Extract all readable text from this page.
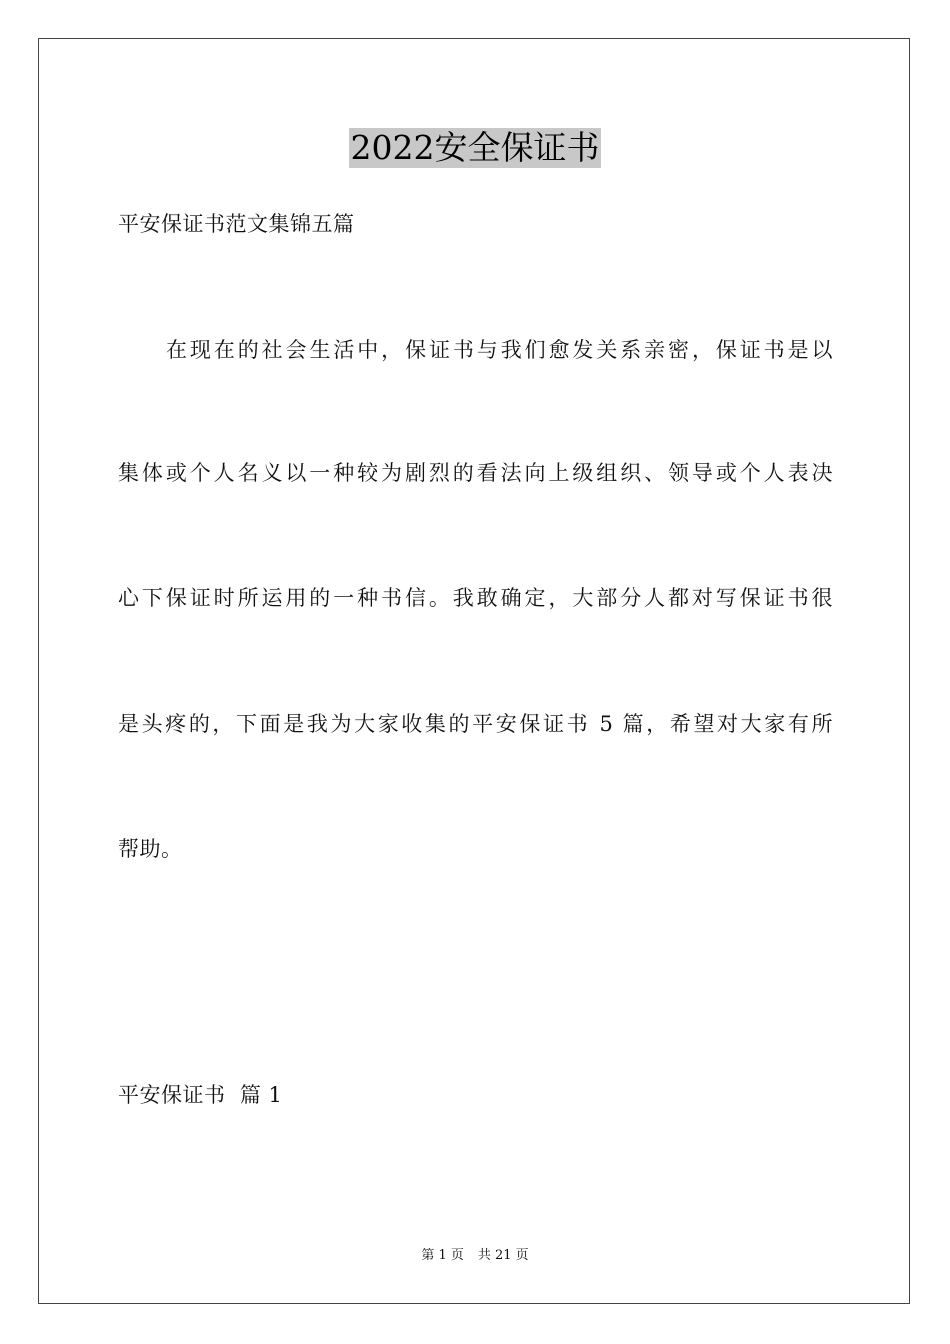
2022安全保证书
平安保证书范文集锦五篇
在现在的社会生活中，保证书与我们愈发关系亲密，保证书是以
集体或个人名义以一种较为剧烈的看法向上级组织、领导或个人表决
心下保证时所运用的一种书信。我敢确定，大部分人都对写保证书很
是头疼的，下面是我为大家收集的平安保证书 5 篇，希望对大家有所
帮助。
平安保证书  篇 1
第 1 页 共 21 页
